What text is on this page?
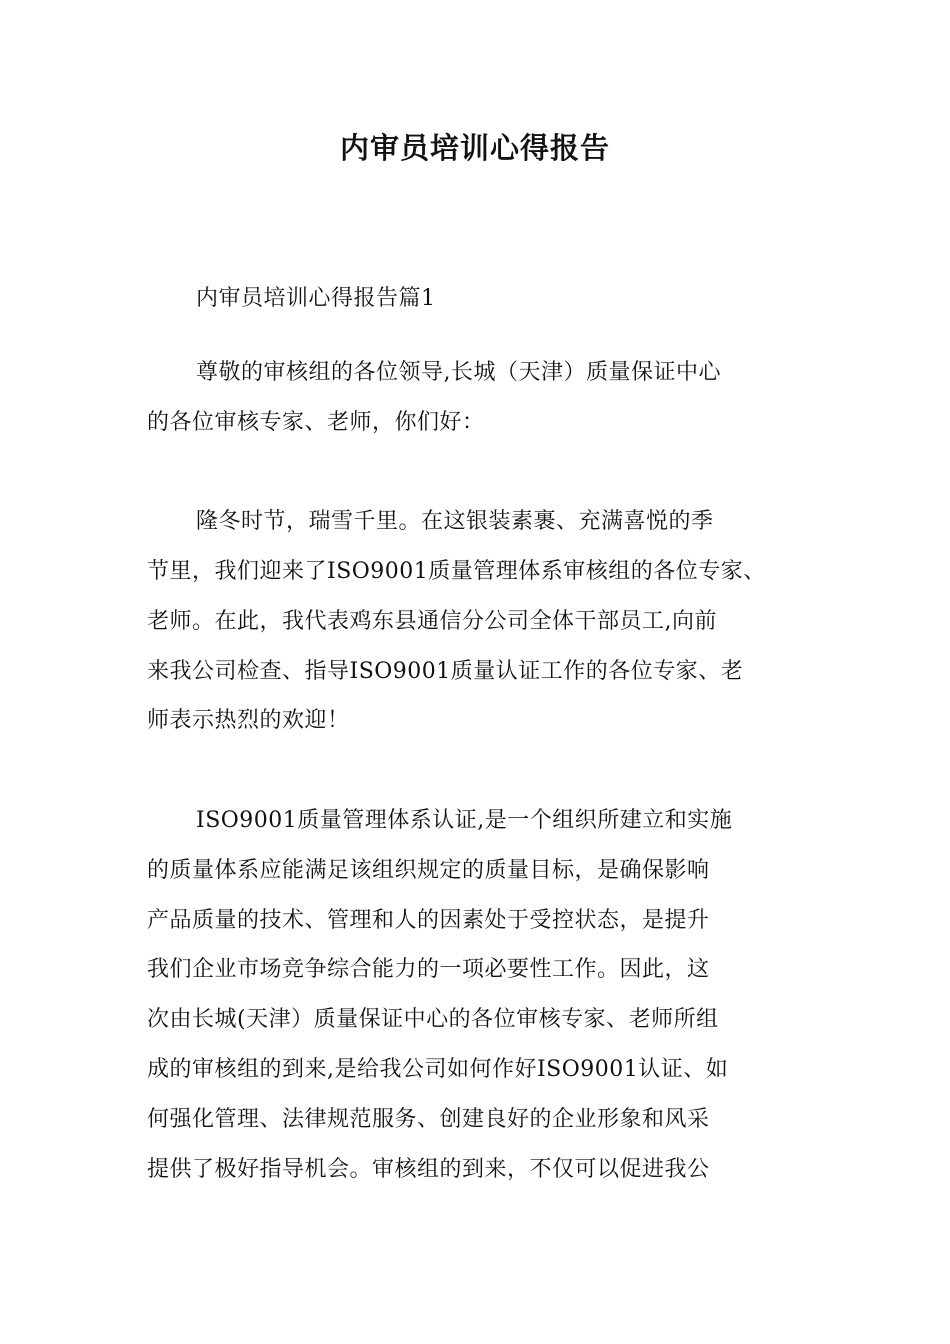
内审员培训心得报告
内审员培训心得报告篇1
尊敬的审核组的各位领导,长城（天津）质量保证中心
的各位审核专家、老师，你们好：
隆冬时节，瑞雪千里。在这银装素裹、充满喜悦的季
节里，我们迎来了ISO9001质量管理体系审核组的各位专家、
老师。在此，我代表鸡东县通信分公司全体干部员工,向前
来我公司检查、指导ISO9001质量认证工作的各位专家、老
师表示热烈的欢迎！
ISO9001质量管理体系认证,是一个组织所建立和实施
的质量体系应能满足该组织规定的质量目标，是确保影响
产品质量的技术、管理和人的因素处于受控状态，是提升
我们企业市场竞争综合能力的一项必要性工作。因此，这
次由长城(天津）质量保证中心的各位审核专家、老师所组
成的审核组的到来,是给我公司如何作好ISO9001认证、如
何强化管理、法律规范服务、创建良好的企业形象和风采
提供了极好指导机会。审核组的到来，不仅可以促进我公
